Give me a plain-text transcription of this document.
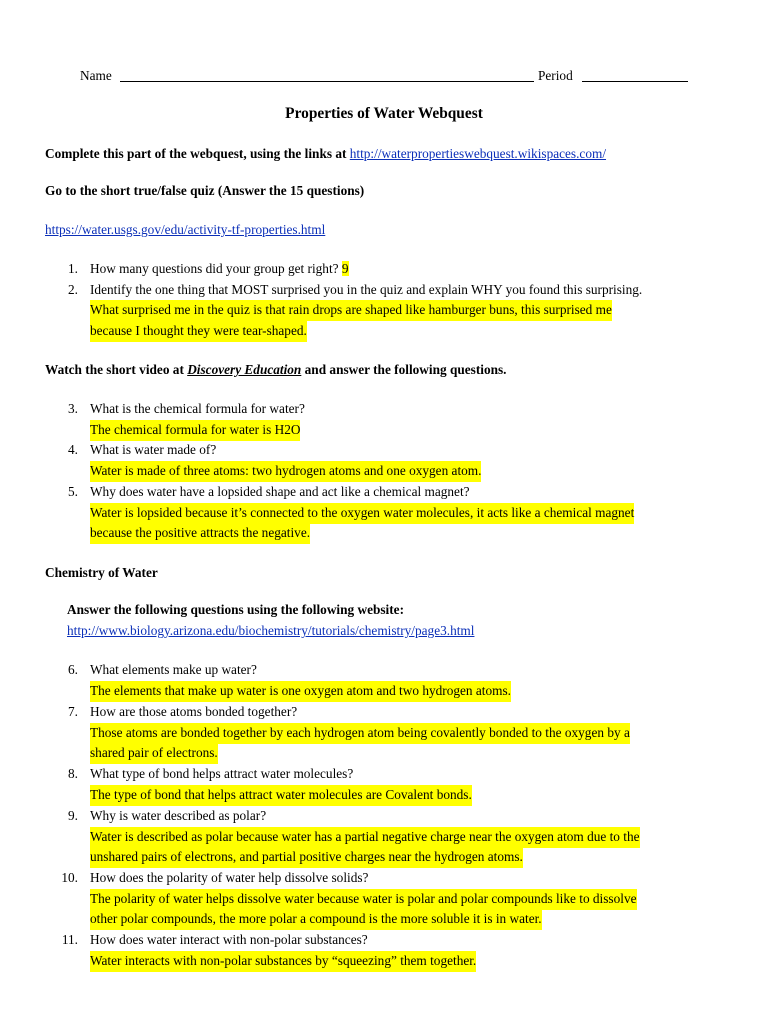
Name	Period
Properties of Water Webquest
Complete this part of the webquest, using the links at http://waterpropertieswebquest.wikispaces.com/
Go to the short true/false quiz (Answer the 15 questions)
https://water.usgs.gov/edu/activity-tf-properties.html
1. How many questions did your group get right? 9
2. Identify the one thing that MOST surprised you in the quiz and explain WHY you found this surprising.
What surprised me in the quiz is that rain drops are shaped like hamburger buns, this surprised me
because I thought they were tear-shaped.
Watch the short video at Discovery Education and answer the following questions.
3. What is the chemical formula for water?
The chemical formula for water is H2O
4. What is water made of?
Water is made of three atoms: two hydrogen atoms and one oxygen atom.
5. Why does water have a lopsided shape and act like a chemical magnet?
Water is lopsided because it’s connected to the oxygen water molecules, it acts like a chemical magnet
because the positive attracts the negative.
Chemistry of Water
Answer the following questions using the following website:
http://www.biology.arizona.edu/biochemistry/tutorials/chemistry/page3.html
6. What elements make up water?
The elements that make up water is one oxygen atom and two hydrogen atoms.
7. How are those atoms bonded together?
Those atoms are bonded together by each hydrogen atom being covalently bonded to the oxygen by a
shared pair of electrons.
8. What type of bond helps attract water molecules?
The type of bond that helps attract water molecules are Covalent bonds.
9. Why is water described as polar?
Water is described as polar because water has a partial negative charge near the oxygen atom due to the
unshared pairs of electrons, and partial positive charges near the hydrogen atoms.
10. How does the polarity of water help dissolve solids?
The polarity of water helps dissolve water because water is polar and polar compounds like to dissolve
other polar compounds, the more polar a compound is the more soluble it is in water.
11. How does water interact with non-polar substances?
Water interacts with non-polar substances by “squeezing” them together.
